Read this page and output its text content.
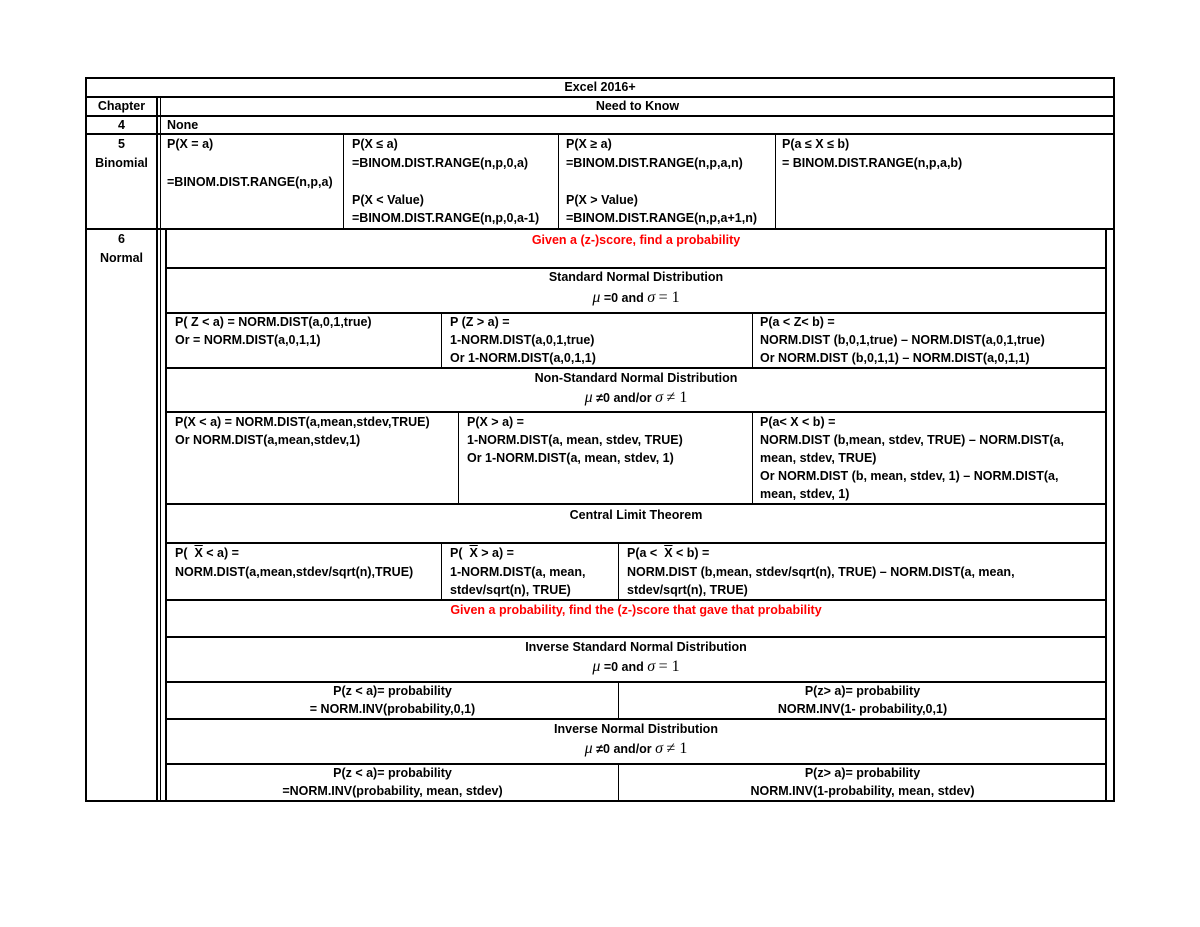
Excel 2016+
Chapter	Need to Know
4	None
5
Binomial
P(X = a)
=BINOM.DIST.RANGE(n,p,a)
P(X ≤ a)
=BINOM.DIST.RANGE(n,p,0,a)
P(X < Value)
=BINOM.DIST.RANGE(n,p,0,a-1)
P(X ≥ a)
=BINOM.DIST.RANGE(n,p,a,n)
P(X > Value)
=BINOM.DIST.RANGE(n,p,a+1,n)
P(a ≤ X ≤ b)
= BINOM.DIST.RANGE(n,p,a,b)
6
Normal
Given a (z-)score, find a probability
Standard Normal Distribution
μ =0 and σ = 1
P( Z < a) = NORM.DIST(a,0,1,true)
Or = NORM.DIST(a,0,1,1)
P (Z > a) =
1-NORM.DIST(a,0,1,true)
Or 1-NORM.DIST(a,0,1,1)
P(a < Z< b) =
NORM.DIST (b,0,1,true) – NORM.DIST(a,0,1,true)
Or NORM.DIST (b,0,1,1) – NORM.DIST(a,0,1,1)
Non-Standard Normal Distribution
μ ≠0 and/or σ ≠ 1
P(X < a) = NORM.DIST(a,mean,stdev,TRUE)
Or NORM.DIST(a,mean,stdev,1)
P(X > a) =
1-NORM.DIST(a, mean, stdev, TRUE)
Or 1-NORM.DIST(a, mean, stdev, 1)
P(a< X < b) =
NORM.DIST (b,mean, stdev, TRUE) – NORM.DIST(a,
mean, stdev, TRUE)
Or NORM.DIST (b, mean, stdev, 1) – NORM.DIST(a,
mean, stdev, 1)
Central Limit Theorem
P( $\overline{X} < a$) =
NORM.DIST(a,mean,stdev/sqrt(n),TRUE)
P( $\overline{X} > a$) =
1-NORM.DIST(a, mean,
stdev/sqrt(n), TRUE)
$P(a < \overline{X} < b)$ =
NORM.DIST (b,mean, stdev/sqrt(n), TRUE) – NORM.DIST(a, mean,
stdev/sqrt(n), TRUE)
Given a probability, find the (z-)score that gave that probability
Inverse Standard Normal Distribution
μ =0 and σ = 1
P(z < a)= probability
= NORM.INV(probability,0,1)
P(z> a)= probability
NORM.INV(1- probability,0,1)
Inverse Normal Distribution
μ ≠0 and/or σ ≠ 1
P(z < a)= probability
=NORM.INV(probability, mean, stdev)
P(z> a)= probability
NORM.INV(1-probability, mean, stdev)
